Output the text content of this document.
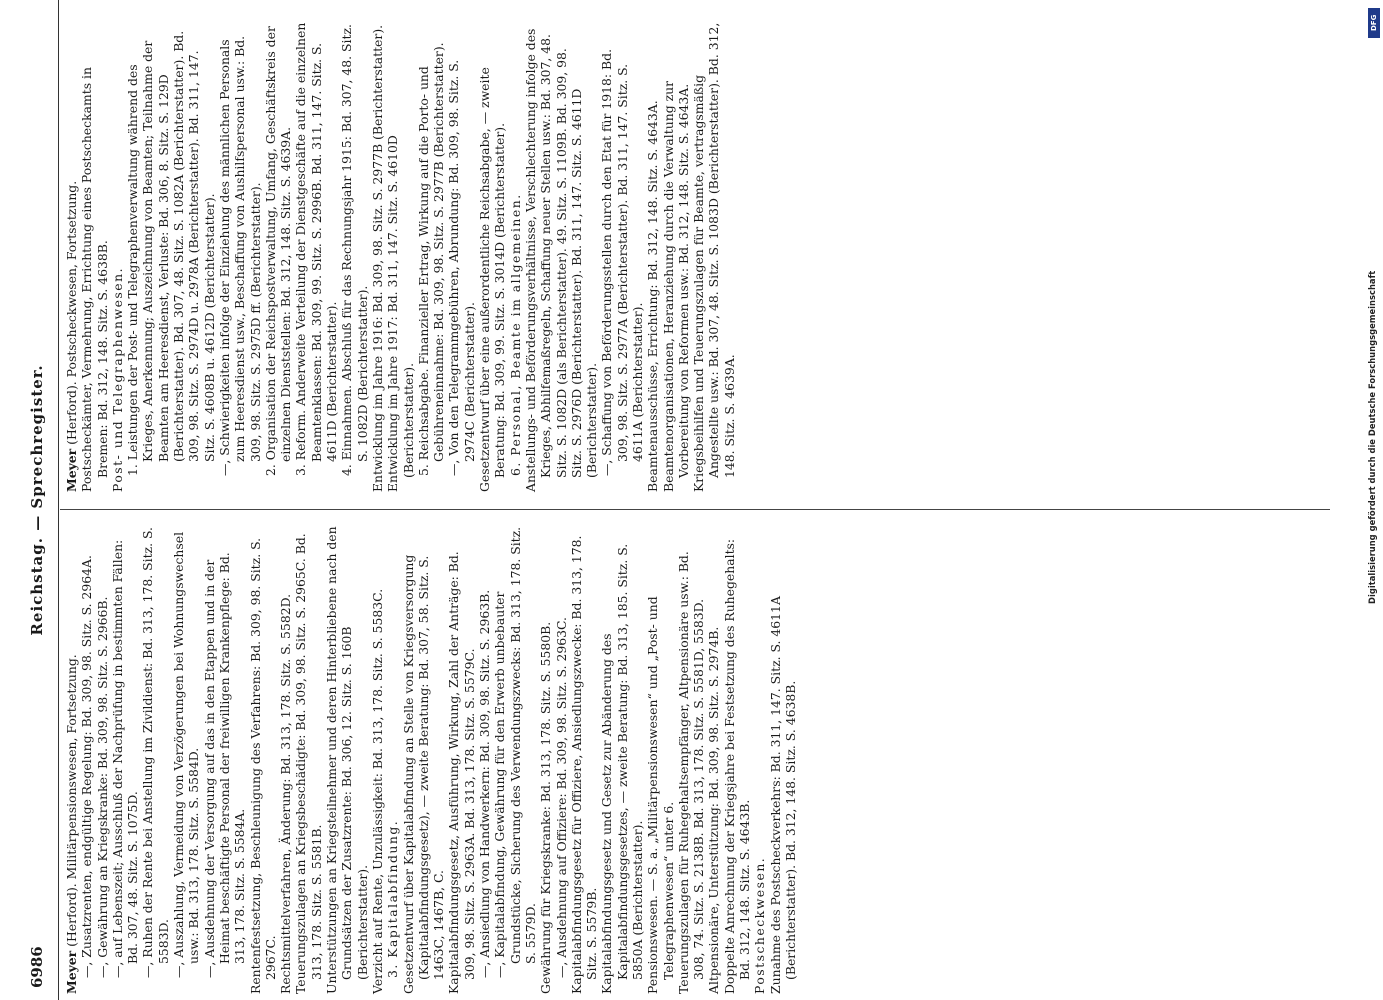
6986
Reichstag. — Sprechregister.

Meyer (Herford). Militärpensionswesen, Fortsetzung. —, Zusatzrenten, endgültige Regelung: Bd. 309, 98. Sitz. S. 2964A. —, Gewährung an Kriegskranke: Bd. 309, 98. Sitz. S. 2966B. —, auf Lebenszeit; Ausschluß der Nachprüfung in bestimmten Fällen: Bd. 307, 48. Sitz. S. 1075D. —, Ruhen der Rente bei Anstellung im Zivildienst: Bd. 313, 178. Sitz. S. 5583D. —, Auszahlung, Vermeidung von Verzögerungen bei Wohnungswechsel usw.: Bd. 313, 178. Sitz. S. 5584D. —, Ausdehnung der Versorgung auf das in den Etappen und in der Heimat beschäftigte Personal der freiwilligen Krankenpflege: Bd. 313, 178. Sitz. S. 5584A. Rentenfestsetzung, Beschleunigung des Verfahrens: Bd. 309, 98. Sitz. S. 2967C. Rechtsmittelverfahren, Änderung: Bd. 313, 178. Sitz. S. 5582D. Teuerungszulagen an Kriegsbeschädigte: Bd. 309, 98. Sitz. S. 2965C. Bd. 313, 178. Sitz. S. 5581B. Unterstützungen an Kriegsteilnehmer und deren Hinterbliebene nach den Grundsätzen der Zusatzrente: Bd. 306, 12. Sitz. S. 160B (Berichterstatter). Verzicht auf Rente, Unzulässigkeit: Bd. 313, 178. Sitz. S. 5583C. 3. Kapitalabfindung. Gesetzentwurf über Kapitalabfindung an Stelle von Kriegsversorgung (Kapitalabfindungsgesetz), — zweite Beratung: Bd. 307, 58. Sitz. S. 1463C, 1467B, C. Kapitalabfindungsgesetz, Ausführung, Wirkung, Zahl der Anträge: Bd. 309, 98. Sitz. S. 2963A. Bd. 313, 178. Sitz. S. 5579C. —, Ansiedlung von Handwerkern: Bd. 309, 98. Sitz. S. 2963B. —, Kapitalabfindung, Gewährung für den Erwerb unbebauter Grundstücke, Sicherung des Verwendungszwecks: Bd. 313, 178. Sitz. S. 5579D. Gewährung für Kriegskranke: Bd. 313, 178. Sitz. S. 5580B. —, Ausdehnung auf Offiziere: Bd. 309, 98. Sitz. S. 2963C. Kapitalabfindungsgesetz für Offiziere, Ansiedlungszwecke: Bd. 313, 178. Sitz. S. 5579B. Kapitalabfindungsgesetz und Gesetz zur Abänderung des Kapitalabfindungsgesetzes, — zweite Beratung: Bd. 313, 185. Sitz. S. 5850A (Berichterstatter). Pensionswesen. — S. a. „Militärpensionswesen“ und „Post- und Telegraphenwesen“ unter 6. Teuerungszulagen für Ruhegehaltsempfänger, Altpensionäre usw.: Bd. 308, 74. Sitz. S. 2138B. Bd. 313, 178. Sitz. S. 5581D, 5583D. Altpensionäre, Unterstützung: Bd. 309, 98. Sitz. S. 2974B. Doppelte Anrechnung der Kriegsjahre bei Festsetzung des Ruhegehalts: Bd. 312, 148. Sitz. S. 4643B. Postscheckwesen. Zunahme des Postscheckverkehrs: Bd. 311, 147. Sitz. S. 4611A (Berichterstatter). Bd. 312, 148. Sitz. S. 4638B.

Meyer (Herford). Postscheckwesen, Fortsetzung. Postscheckämter, Vermehrung, Errichtung eines Postscheckamts in Bremen: Bd. 312, 148. Sitz. S. 4638B. Post- und Telegraphenwesen. 1. Leistungen der Post- und Telegraphenverwaltung während des Krieges, Anerkennung; Auszeichnung von Beamten; Teilnahme der Beamten am Heeresdienst, Verluste: Bd. 306, 8. Sitz. S. 129D (Berichterstatter). Bd. 307, 48. Sitz. S. 1082A (Berichterstatter). Bd. 309, 98. Sitz. S. 2974D u. 2978A (Berichterstatter). Bd. 311, 147. Sitz. S. 4608B u. 4612D (Berichterstatter). —, Schwierigkeiten infolge der Einziehung des männlichen Personals zum Heeresdienst usw., Beschaffung von Aushilfspersonal usw.: Bd. 309, 98. Sitz. S. 2975D ff. (Berichterstatter). 2. Organisation der Reichspostverwaltung, Umfang, Geschäftskreis der einzelnen Dienststellen: Bd. 312, 148. Sitz. S. 4639A. 3. Reform. Anderweite Verteilung der Dienstgeschäfte auf die einzelnen Beamtenklassen: Bd. 309, 99. Sitz. S. 2996B. Bd. 311, 147. Sitz. S. 4611D (Berichterstatter). 4. Einnahmen. Abschluß für das Rechnungsjahr 1915: Bd. 307, 48. Sitz. S. 1082D (Berichterstatter). Entwicklung im Jahre 1916: Bd. 309, 98. Sitz. S. 2977B (Berichterstatter). Entwicklung im Jahre 1917: Bd. 311, 147. Sitz. S. 4610D (Berichterstatter). 5. Reichsabgabe. Finanzieller Ertrag, Wirkung auf die Porto- und Gebühreneinnahme: Bd. 309, 98. Sitz. S. 2977B (Berichterstatter). —, Von den Telegrammgebühren, Abrundung: Bd. 309, 98. Sitz. S. 2974C (Berichterstatter). Gesetzentwurf über eine außerordentliche Reichsabgabe, — zweite Beratung: Bd. 309, 99. Sitz. S. 3014D (Berichterstatter). 6. Personal, Beamte im allgemeinen. Anstellungs- und Beförderungsverhältnisse, Verschlechterung infolge des Krieges, Abhilfemaßregeln, Schaffung neuer Stellen usw.: Bd. 307, 48. Sitz. S. 1082D (als Berichterstatter). 49. Sitz. S. 1109B. Bd. 309, 98. Sitz. S. 2976D (Berichterstatter). Bd. 311, 147. Sitz. S. 4611D (Berichterstatter). —, Schaffung von Beförderungsstellen durch den Etat für 1918: Bd. 309, 98. Sitz. S. 2977A (Berichterstatter). Bd. 311, 147. Sitz. S. 4611A (Berichterstatter). Beamtenausschüsse, Errichtung: Bd. 312, 148. Sitz. S. 4643A. Beamtenorganisationen, Heranziehung durch die Verwaltung zur Vorbereitung von Reformen usw.: Bd. 312, 148. Sitz. S. 4643A. Kriegsbeihilfen und Teuerungszulagen für Beamte, vertragsmäßig Angestellte usw.: Bd. 307, 48. Sitz. S. 1083D (Berichterstatter). Bd. 312, 148. Sitz. S. 4639A.

DFG
Digitalisierung gefördert durch die Deutsche Forschungsgemeinschaft
